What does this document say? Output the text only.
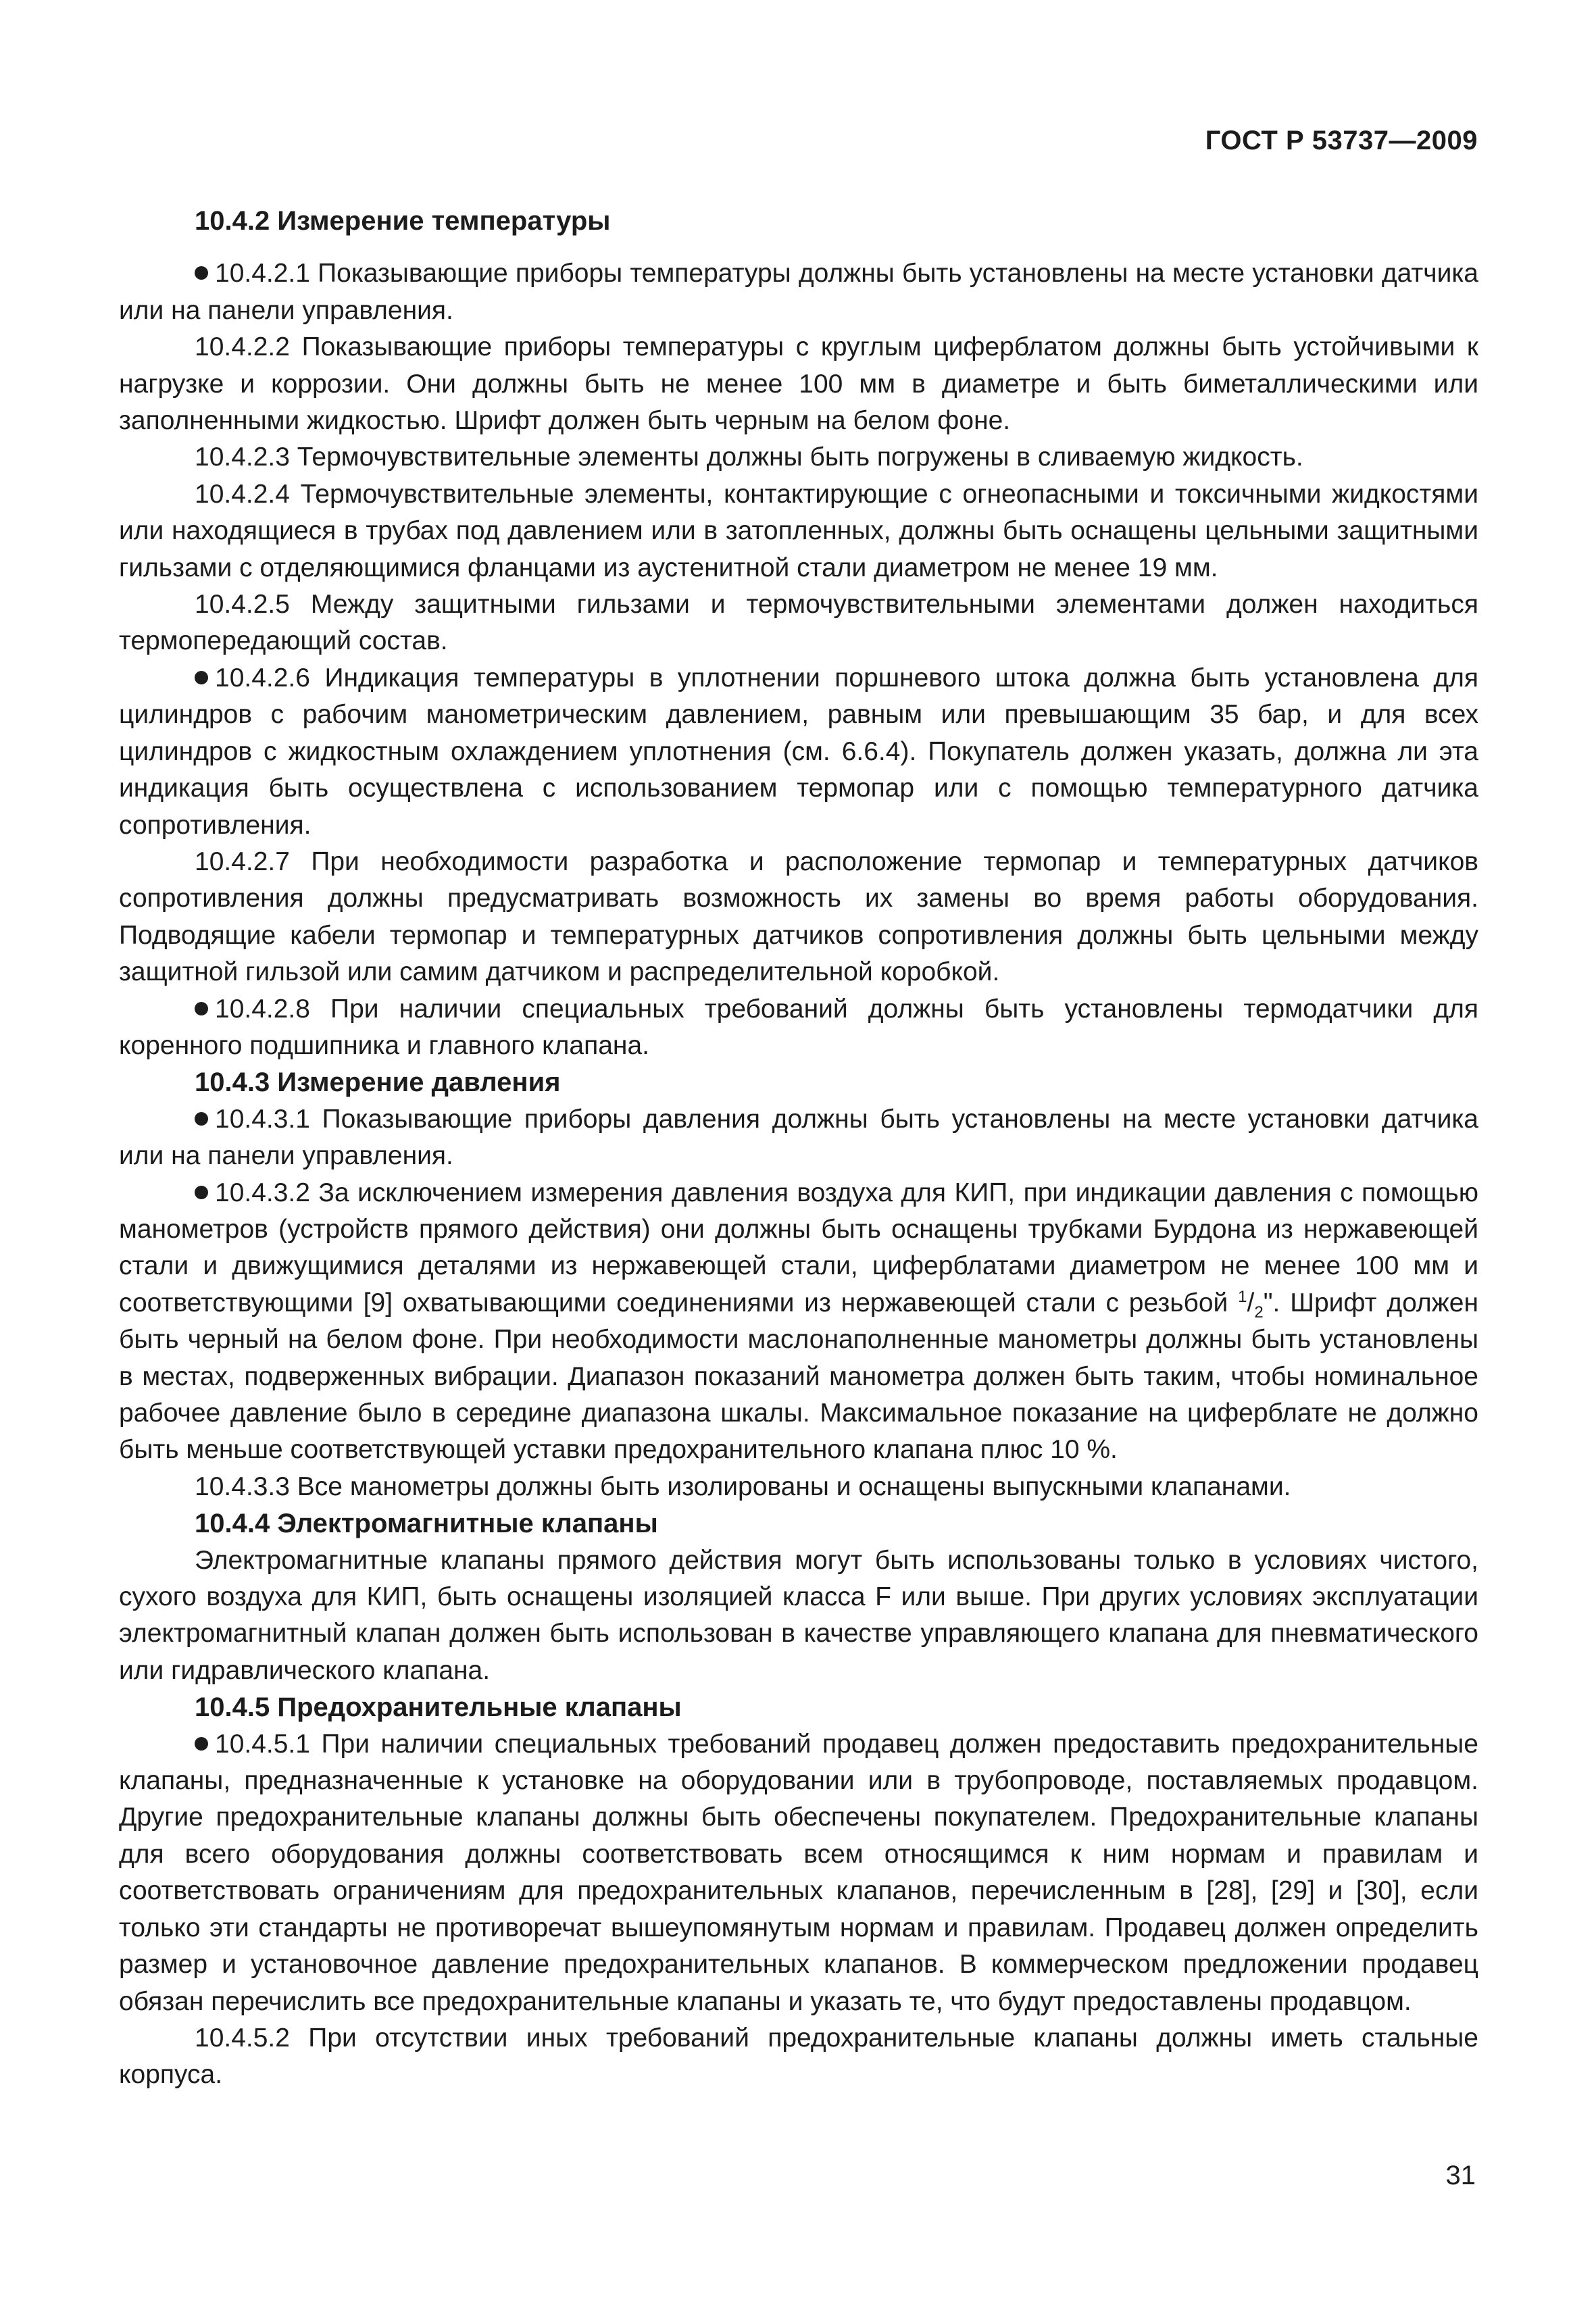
ГОСТ Р 53737—2009

10.4.2 Измерение температуры

10.4.2.1 Показывающие приборы температуры должны быть установлены на месте установки датчика или на панели управления.

10.4.2.2 Показывающие приборы температуры с круглым циферблатом должны быть устойчивыми к нагрузке и коррозии. Они должны быть не менее 100 мм в диаметре и быть биметаллическими или заполненными жидкостью. Шрифт должен быть черным на белом фоне.

10.4.2.3 Термочувствительные элементы должны быть погружены в сливаемую жидкость.

10.4.2.4 Термочувствительные элементы, контактирующие с огнеопасными и токсичными жидкостями или находящиеся в трубах под давлением или в затопленных, должны быть оснащены цельными защитными гильзами с отделяющимися фланцами из аустенитной стали диаметром не менее 19 мм.

10.4.2.5 Между защитными гильзами и термочувствительными элементами должен находиться термопередающий состав.

10.4.2.6 Индикация температуры в уплотнении поршневого штока должна быть установлена для цилиндров с рабочим манометрическим давлением, равным или превышающим 35 бар, и для всех цилиндров с жидкостным охлаждением уплотнения (см. 6.6.4). Покупатель должен указать, должна ли эта индикация быть осуществлена с использованием термопар или с помощью температурного датчика сопротивления.

10.4.2.7 При необходимости разработка и расположение термопар и температурных датчиков сопротивления должны предусматривать возможность их замены во время работы оборудования. Подводящие кабели термопар и температурных датчиков сопротивления должны быть цельными между защитной гильзой или самим датчиком и распределительной коробкой.

10.4.2.8 При наличии специальных требований должны быть установлены термодатчики для коренного подшипника и главного клапана.

10.4.3 Измерение давления

10.4.3.1 Показывающие приборы давления должны быть установлены на месте установки датчика или на панели управления.

10.4.3.2 За исключением измерения давления воздуха для КИП, при индикации давления с помощью манометров (устройств прямого действия) они должны быть оснащены трубками Бурдона из нержавеющей стали и движущимися деталями из нержавеющей стали, циферблатами диаметром не менее 100 мм и соответствующими [9] охватывающими соединениями из нержавеющей стали с резьбой $^1/_2$". Шрифт должен быть черный на белом фоне. При необходимости маслонаполненные манометры должны быть установлены в местах, подверженных вибрации. Диапазон показаний манометра должен быть таким, чтобы номинальное рабочее давление было в середине диапазона шкалы. Максимальное показание на циферблате не должно быть меньше соответствующей уставки предохранительного клапана плюс 10 %.

10.4.3.3 Все манометры должны быть изолированы и оснащены выпускными клапанами.

10.4.4 Электромагнитные клапаны

Электромагнитные клапаны прямого действия могут быть использованы только в условиях чистого, сухого воздуха для КИП, быть оснащены изоляцией класса F или выше. При других условиях эксплуатации электромагнитный клапан должен быть использован в качестве управляющего клапана для пневматического или гидравлического клапана.

10.4.5 Предохранительные клапаны

10.4.5.1 При наличии специальных требований продавец должен предоставить предохранительные клапаны, предназначенные к установке на оборудовании или в трубопроводе, поставляемых продавцом. Другие предохранительные клапаны должны быть обеспечены покупателем. Предохранительные клапаны для всего оборудования должны соответствовать всем относящимся к ним нормам и правилам и соответствовать ограничениям для предохранительных клапанов, перечисленным в [28], [29] и [30], если только эти стандарты не противоречат вышеупомянутым нормам и правилам. Продавец должен определить размер и установочное давление предохранительных клапанов. В коммерческом предложении продавец обязан перечислить все предохранительные клапаны и указать те, что будут предоставлены продавцом.

10.4.5.2 При отсутствии иных требований предохранительные клапаны должны иметь стальные корпуса.

31
